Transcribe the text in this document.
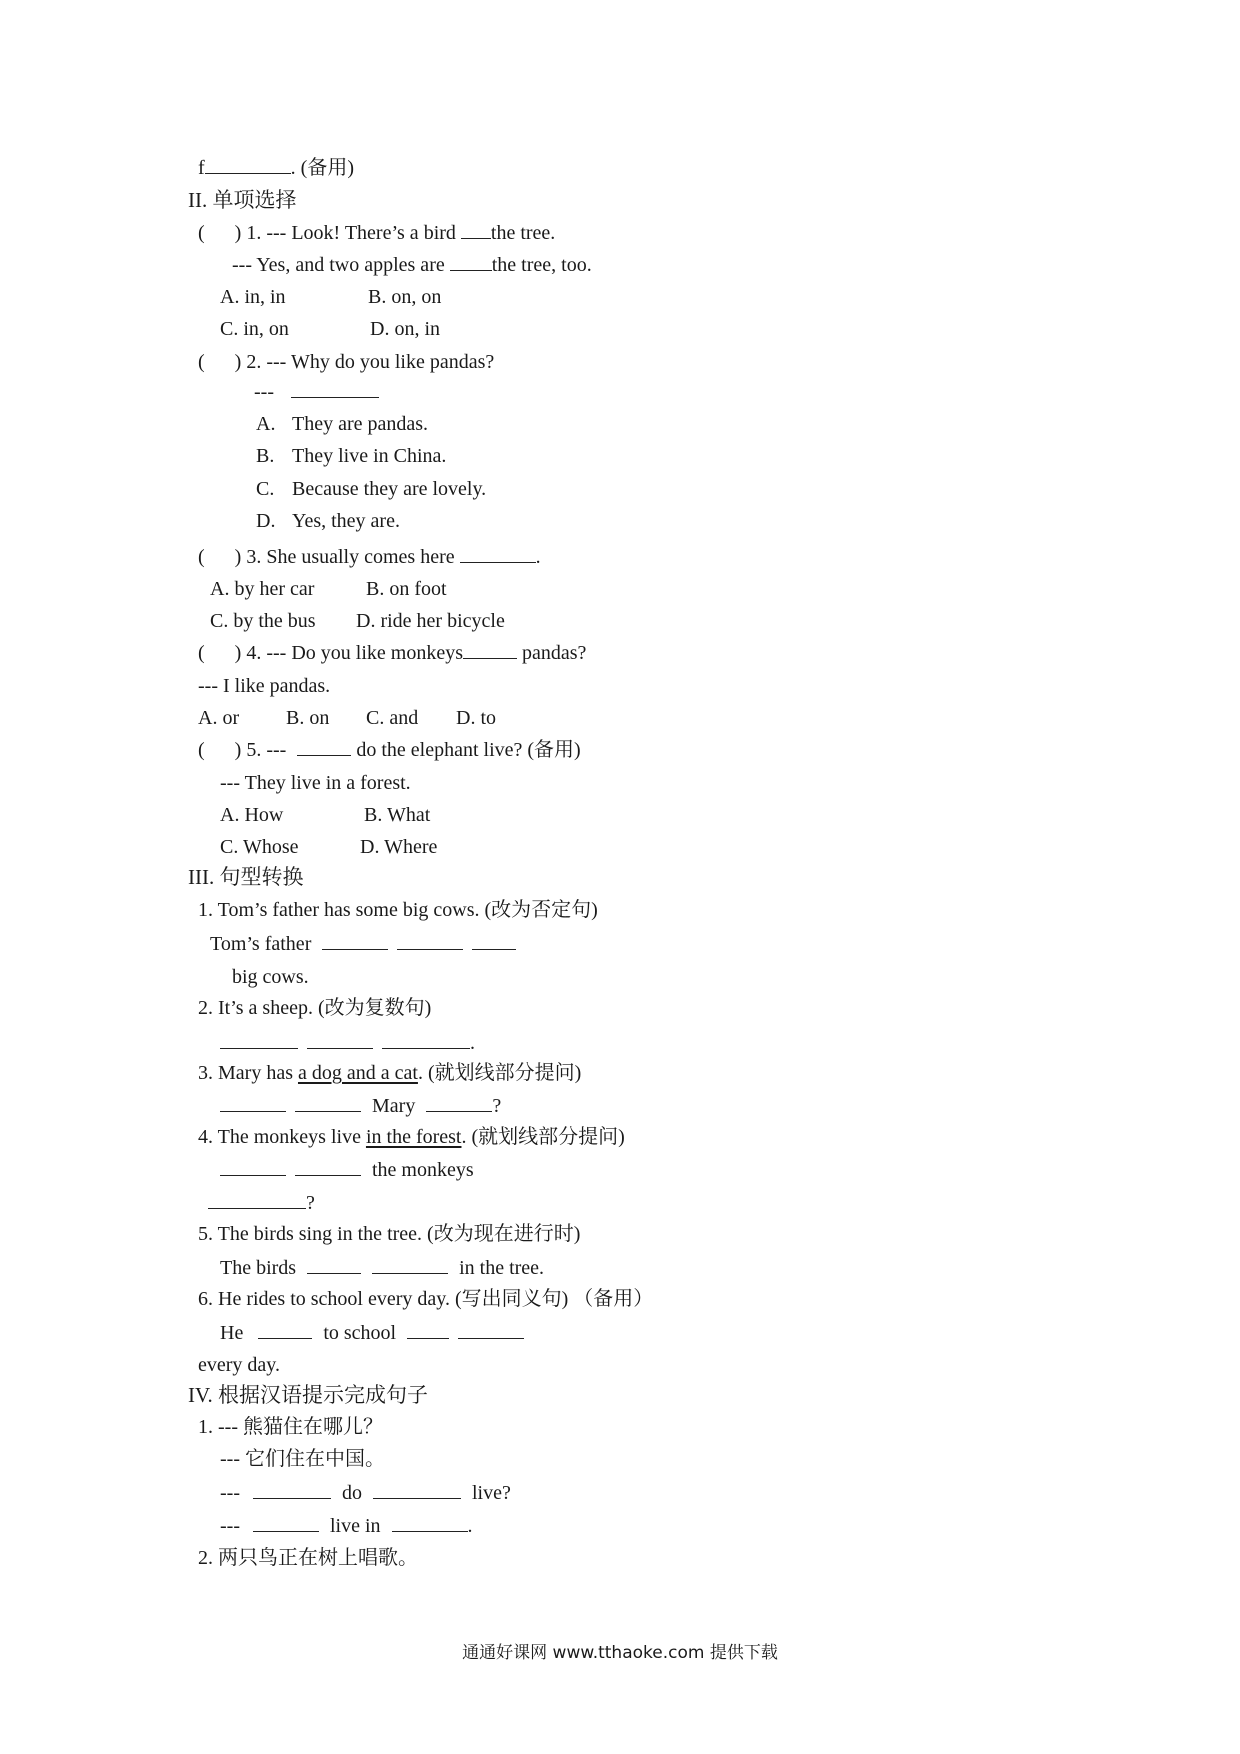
f	. (备用)
II. 单项选择
( ) 1. --- Look! There’s a bird the tree.
--- Yes, and two apples are the tree, too.
A. in, in	B. on, on
C. in, on	D. on, in
( ) 2. --- Why do you like pandas?
---
A. They are pandas.
B. They live in China.
C. Because they are lovely.
D. Yes, they are.
( ) 3. She usually comes here	.
A. by her car	B. on foot
C. by the bus D. ride her bicycle
( ) 4. --- Do you like monkeys	pandas?
--- I like pandas.
A. or B. on C. and D. to
( ) 5. ---	do the elephant live? (备用)
--- They live in a forest.
A. How	B. What
C. Whose	D. Where
III. 句型转换
1. Tom’s father has some big cows. (改为否定句)
Tom’s father
big cows.
2. It’s a sheep. (改为复数句)
.
3. Mary has a dog and a cat. (就划线部分提问)
Mary	?
4. The monkeys live in the forest. (就划线部分提问)
the monkeys
?
5. The birds sing in the tree. (改为现在进行时)
The birds	in the tree.
6. He rides to school every day. (写出同义句) （备用）
He	to school
every day.
IV. 根据汉语提示完成句子
1. --- 熊猫住在哪儿？
--- 它们住在中国。
---	do	live?
---	live in	.
2. 两只鸟正在树上唱歌。
通通好课网 www.tthaoke.com 提供下载
